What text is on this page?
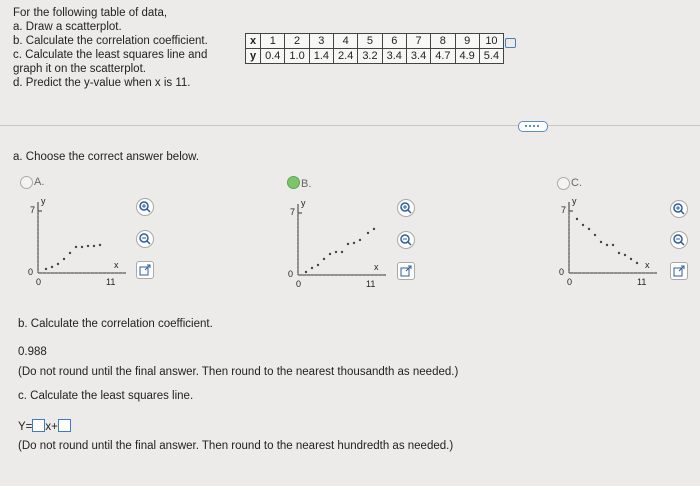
For the following table of data,
a. Draw a scatterplot.
b. Calculate the correlation coefficient.
c. Calculate the least squares line and
graph it on the scatterplot.
d. Predict the y-value when x is 11.
x	1	2	3	4	5	6	7	8	9	10
y	0.4	1.0	1.4	2.4	3.2	3.4	3.4	4.7	4.9	5.4
a. Choose the correct answer below.
A.
y
7
0
0	11
x
B.
y
7
0
0	11
x
C.
y
7
0
0	11
x
b. Calculate the correlation coefficient.
0.988
(Do not round until the final answer. Then round to the nearest thousandth as needed.)
c. Calculate the least squares line.
Y= x+
(Do not round until the final answer. Then round to the nearest hundredth as needed.)
